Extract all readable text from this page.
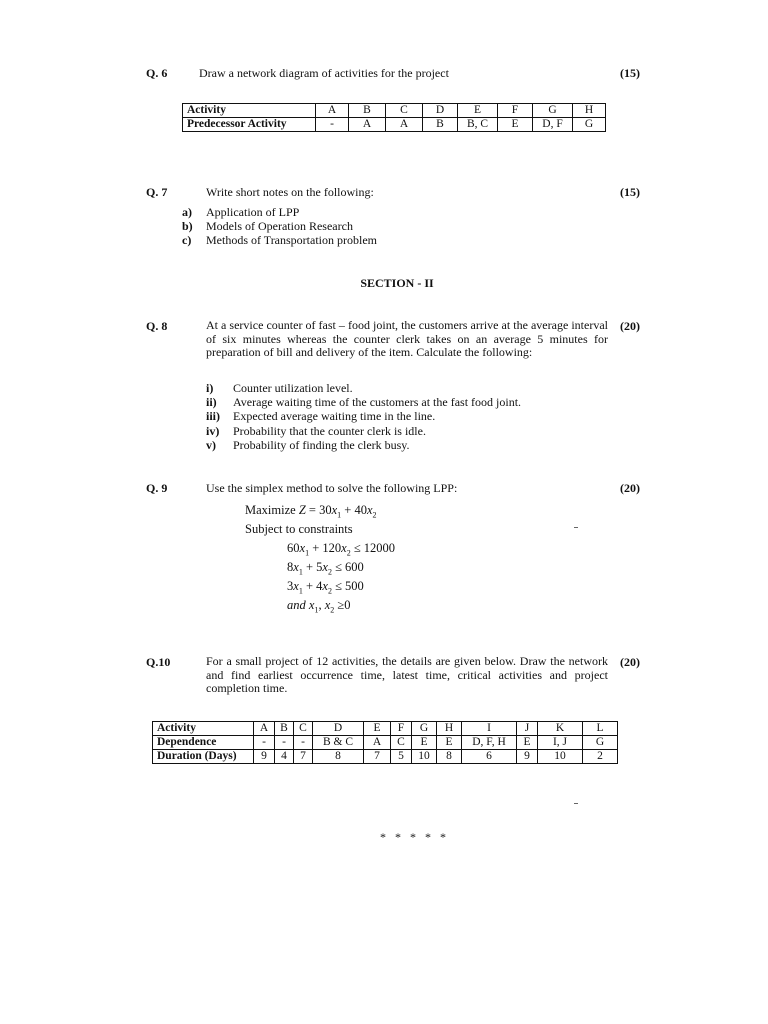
Q. 6	Draw a network diagram of activities for the project	(15)
Activity	A	B	C	D	E	F	G	H
Predecessor Activity	-	A	A	B	B, C	E	D, F	G
Q. 7	Write short notes on the following:	(15)
a) Application of LPP
b) Models of Operation Research
c) Methods of Transportation problem
SECTION - II
Q. 8	At a service counter of fast – food joint, the customers arrive at the average interval of six minutes whereas the counter clerk takes on an average 5 minutes for preparation of bill and delivery of the item. Calculate the following:
(20)
i) Counter utilization level.
ii) Average waiting time of the customers at the fast food joint.
iii) Expected average waiting time in the line.
iv) Probability that the counter clerk is idle.
v) Probability of finding the clerk busy.
Q. 9	Use the simplex method to solve the following LPP:	(20)
Maximize $Z = 30x_1 + 40x_2$
Subject to constraints
$60x_1 + 120x_2 \le 12000$
$8x_1 + 5x_2 \le 600$
$3x_1 + 4x_2 \le 500$
and $x_1$, $x_2 \ge 0$
Q.10	For a small project of 12 activities, the details are given below. Draw the network and find earliest occurrence time, latest time, critical activities and project completion time.
(20)
Activity	A	B	C	D	E	F	G	H	I	J	K	L
Dependence	-	-	-	B & C	A	C	E	E	D, F, H	E	I, J	G
Duration (Days)	9	4	7	8	7	5	10	8	6	9	10	2
* * * * *
